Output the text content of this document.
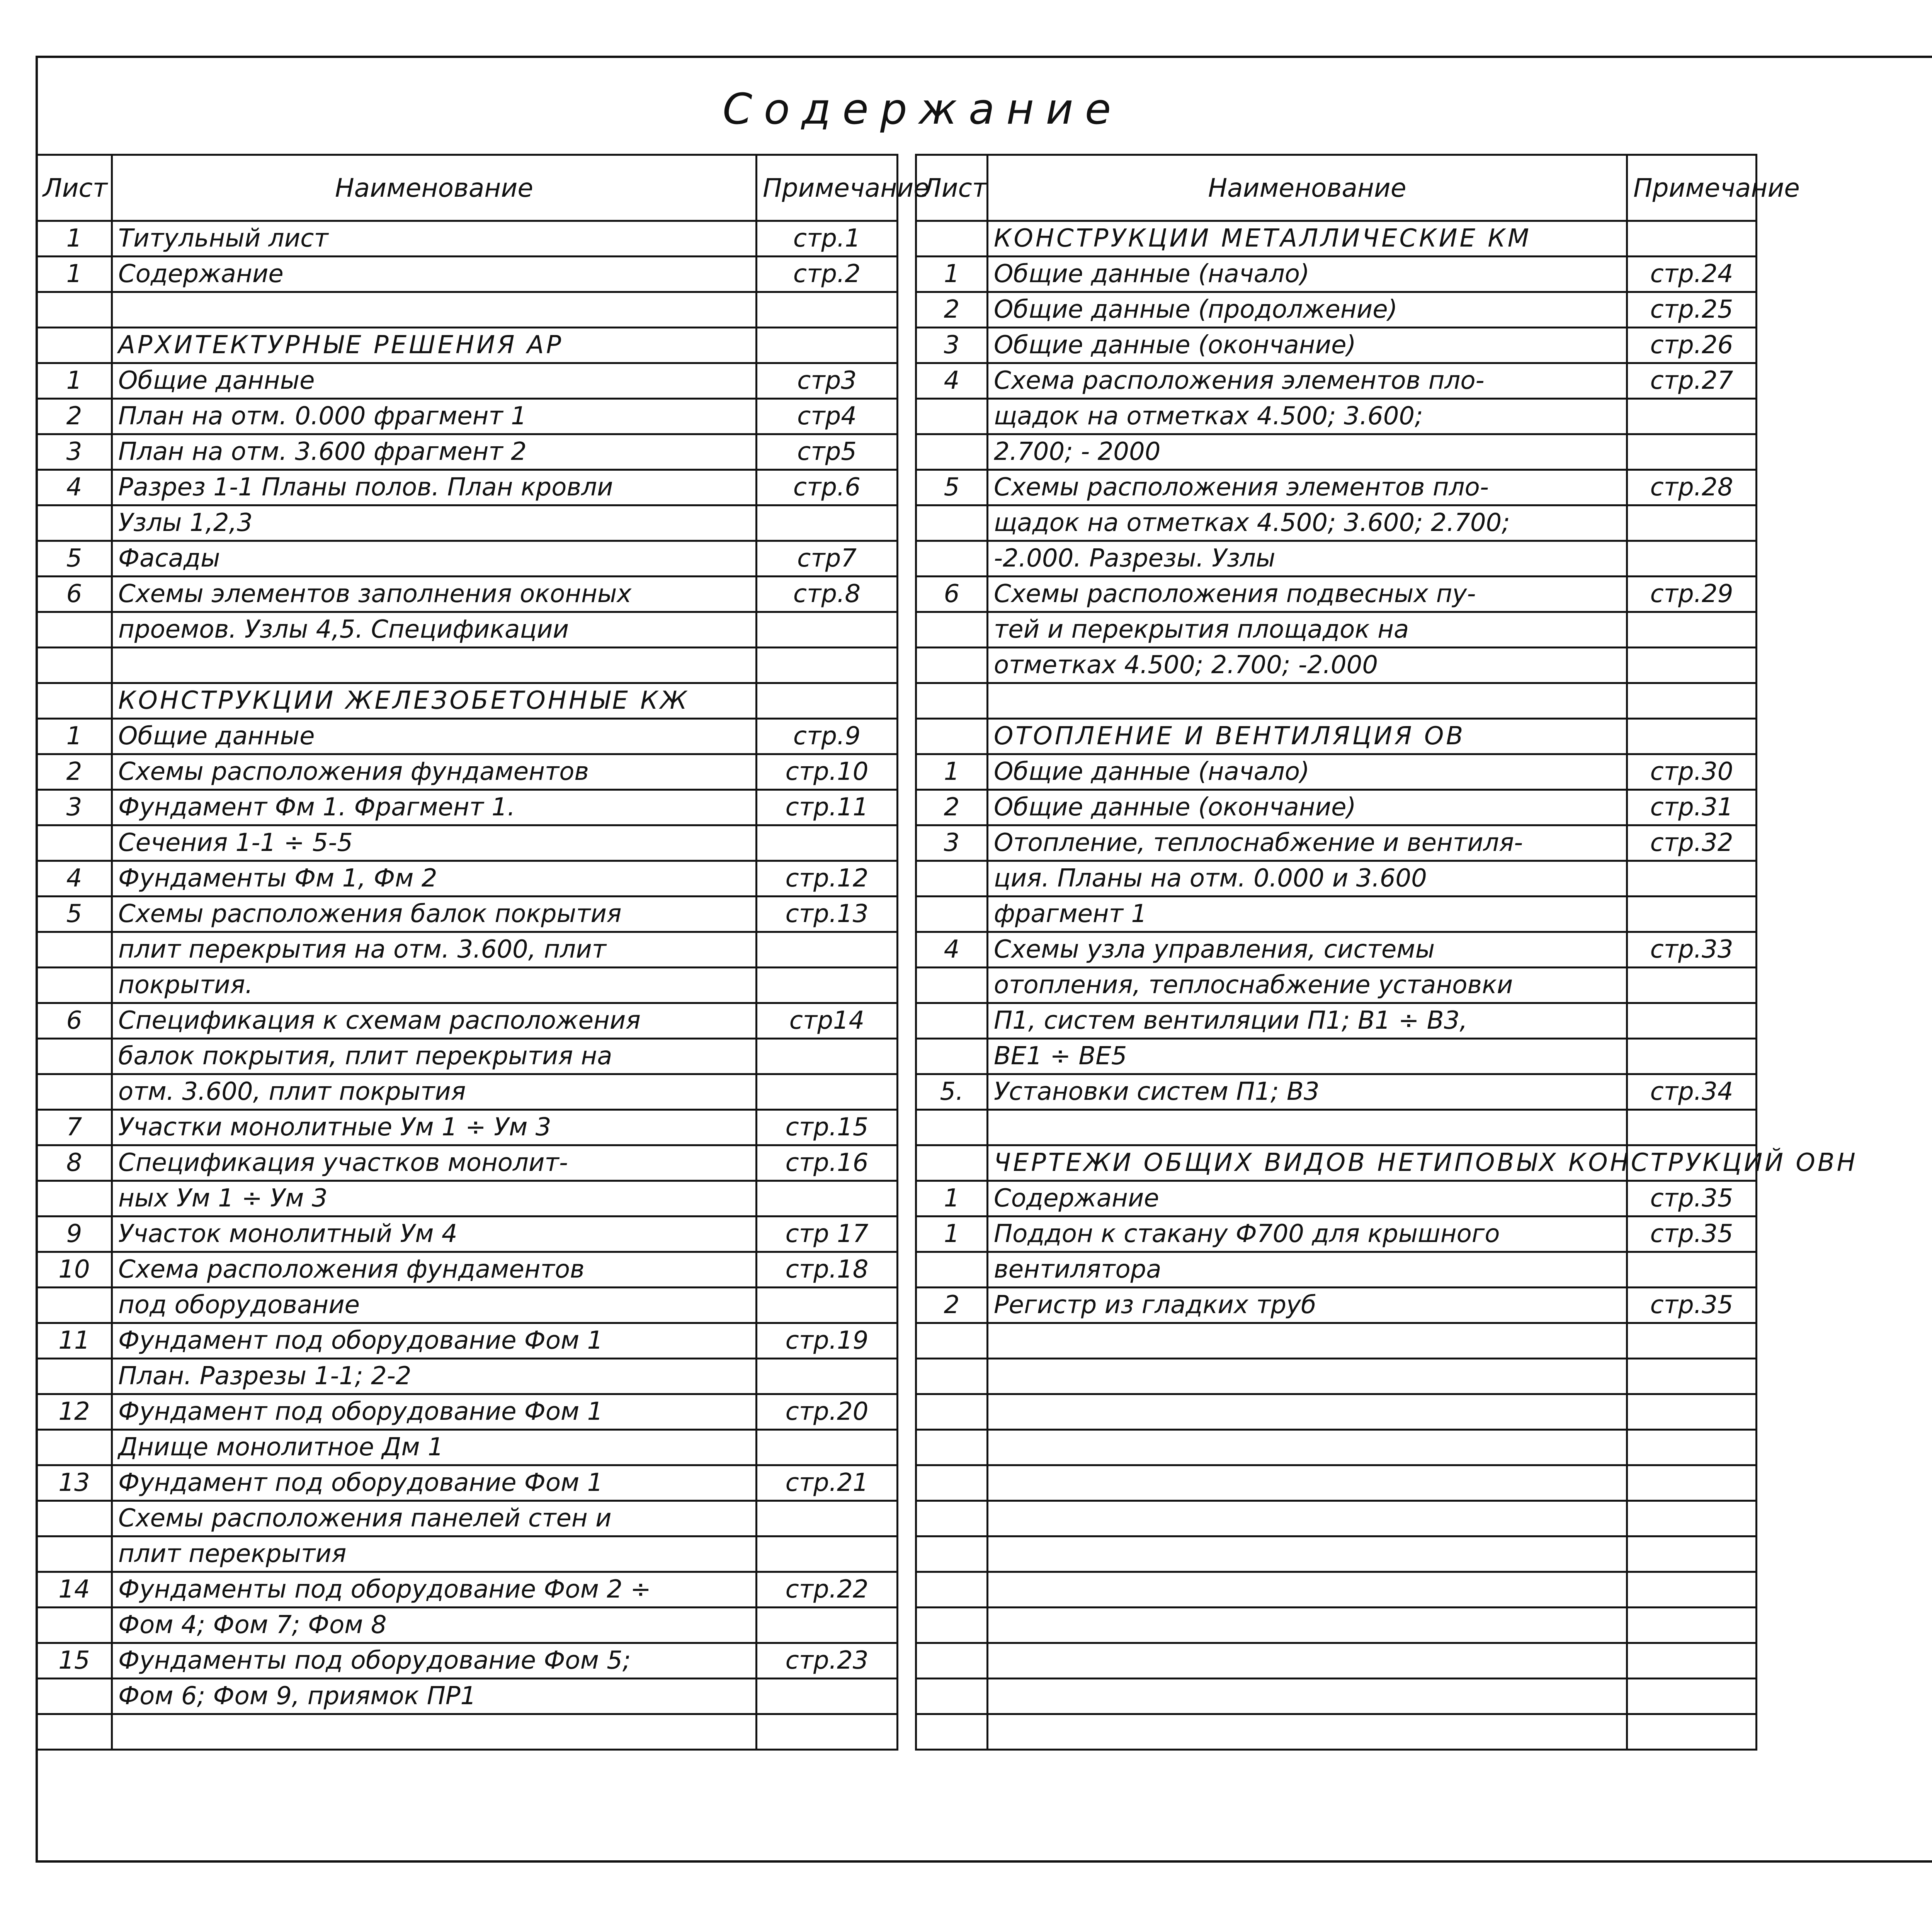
Содержание
Лист	Наименование	Примечание
1	Титульный лист	стр.1
1	Содержание	стр.2

	АРХИТЕКТУРНЫЕ РЕШЕНИЯ АР	
1	Общие данные	стр3
2	План на отм. 0.000 фрагмент 1	стр4
3	План на отм. 3.600 фрагмент 2	стр5
4	Разрез 1-1 Планы полов. План кровли	стр.6
	Узлы 1,2,3	
5	Фасады	стр7
6	Схемы элементов заполнения оконных	стр.8
	проемов. Узлы 4,5. Спецификации	

	КОНСТРУКЦИИ ЖЕЛЕЗОБЕТОННЫЕ КЖ	
1	Общие данные	стр.9
2	Схемы расположения фундаментов	стр.10
3	Фундамент Фм 1. Фрагмент 1.	стр.11
	Сечения 1-1 ÷ 5-5	
4	Фундаменты Фм 1, Фм 2	стр.12
5	Схемы расположения балок покрытия	стр.13
	плит перекрытия на отм. 3.600, плит	
	покрытия.	
6	Спецификация к схемам расположения	стр14
	балок покрытия, плит перекрытия на	
	отм. 3.600, плит покрытия	
7	Участки монолитные Ум 1 ÷ Ум 3	стр.15
8	Спецификация участков монолит-	стр.16
	ных Ум 1 ÷ Ум 3	
9	Участок монолитный Ум 4	стр 17
10	Схема расположения фундаментов	стр.18
	под оборудование	
11	Фундамент под оборудование Фом 1	стр.19
	План. Разрезы 1-1; 2-2	
12	Фундамент под оборудование Фом 1	стр.20
	Днище монолитное Дм 1	
13	Фундамент под оборудование Фом 1	стр.21
	Схемы расположения панелей стен и	
	плит перекрытия	
14	Фундаменты под оборудование Фом 2 ÷	стр.22
	Фом 4; Фом 7; Фом 8	
15	Фундаменты под оборудование Фом 5;	стр.23
	Фом 6; Фом 9, приямок ПР1	

Лист	Наименование	Примечание
	КОНСТРУКЦИИ МЕТАЛЛИЧЕСКИЕ КМ	
1	Общие данные (начало)	стр.24
2	Общие данные (продолжение)	стр.25
3	Общие данные (окончание)	стр.26
4	Схема расположения элементов пло-	стр.27
	щадок на отметках 4.500; 3.600;	
	2.700; - 2000	
5	Схемы расположения элементов пло-	стр.28
	щадок на отметках 4.500; 3.600; 2.700;	
	-2.000. Разрезы. Узлы	
6	Схемы расположения подвесных пу-	стр.29
	тей и перекрытия площадок на	
	отметках 4.500; 2.700; -2.000	

	ОТОПЛЕНИЕ И ВЕНТИЛЯЦИЯ ОВ	
1	Общие данные (начало)	стр.30
2	Общие данные (окончание)	стр.31
3	Отопление, теплоснабжение и вентиля-	стр.32
	ция. Планы на отм. 0.000 и 3.600	
	фрагмент 1	
4	Схемы узла управления, системы	стр.33
	отопления, теплоснабжение установки	
	П1, систем вентиляции П1; В1 ÷ В3,	
	ВЕ1 ÷ ВЕ5	
5.	Установки систем П1; В3	стр.34

	ЧЕРТЕЖИ ОБЩИХ ВИДОВ НЕТИПОВЫХ КОНСТРУКЦИЙ ОВН	
1	Содержание	стр.35
1	Поддон к стакану Ф700 для крышного	стр.35
	вентилятора	
2	Регистр из гладких труб	стр.35
